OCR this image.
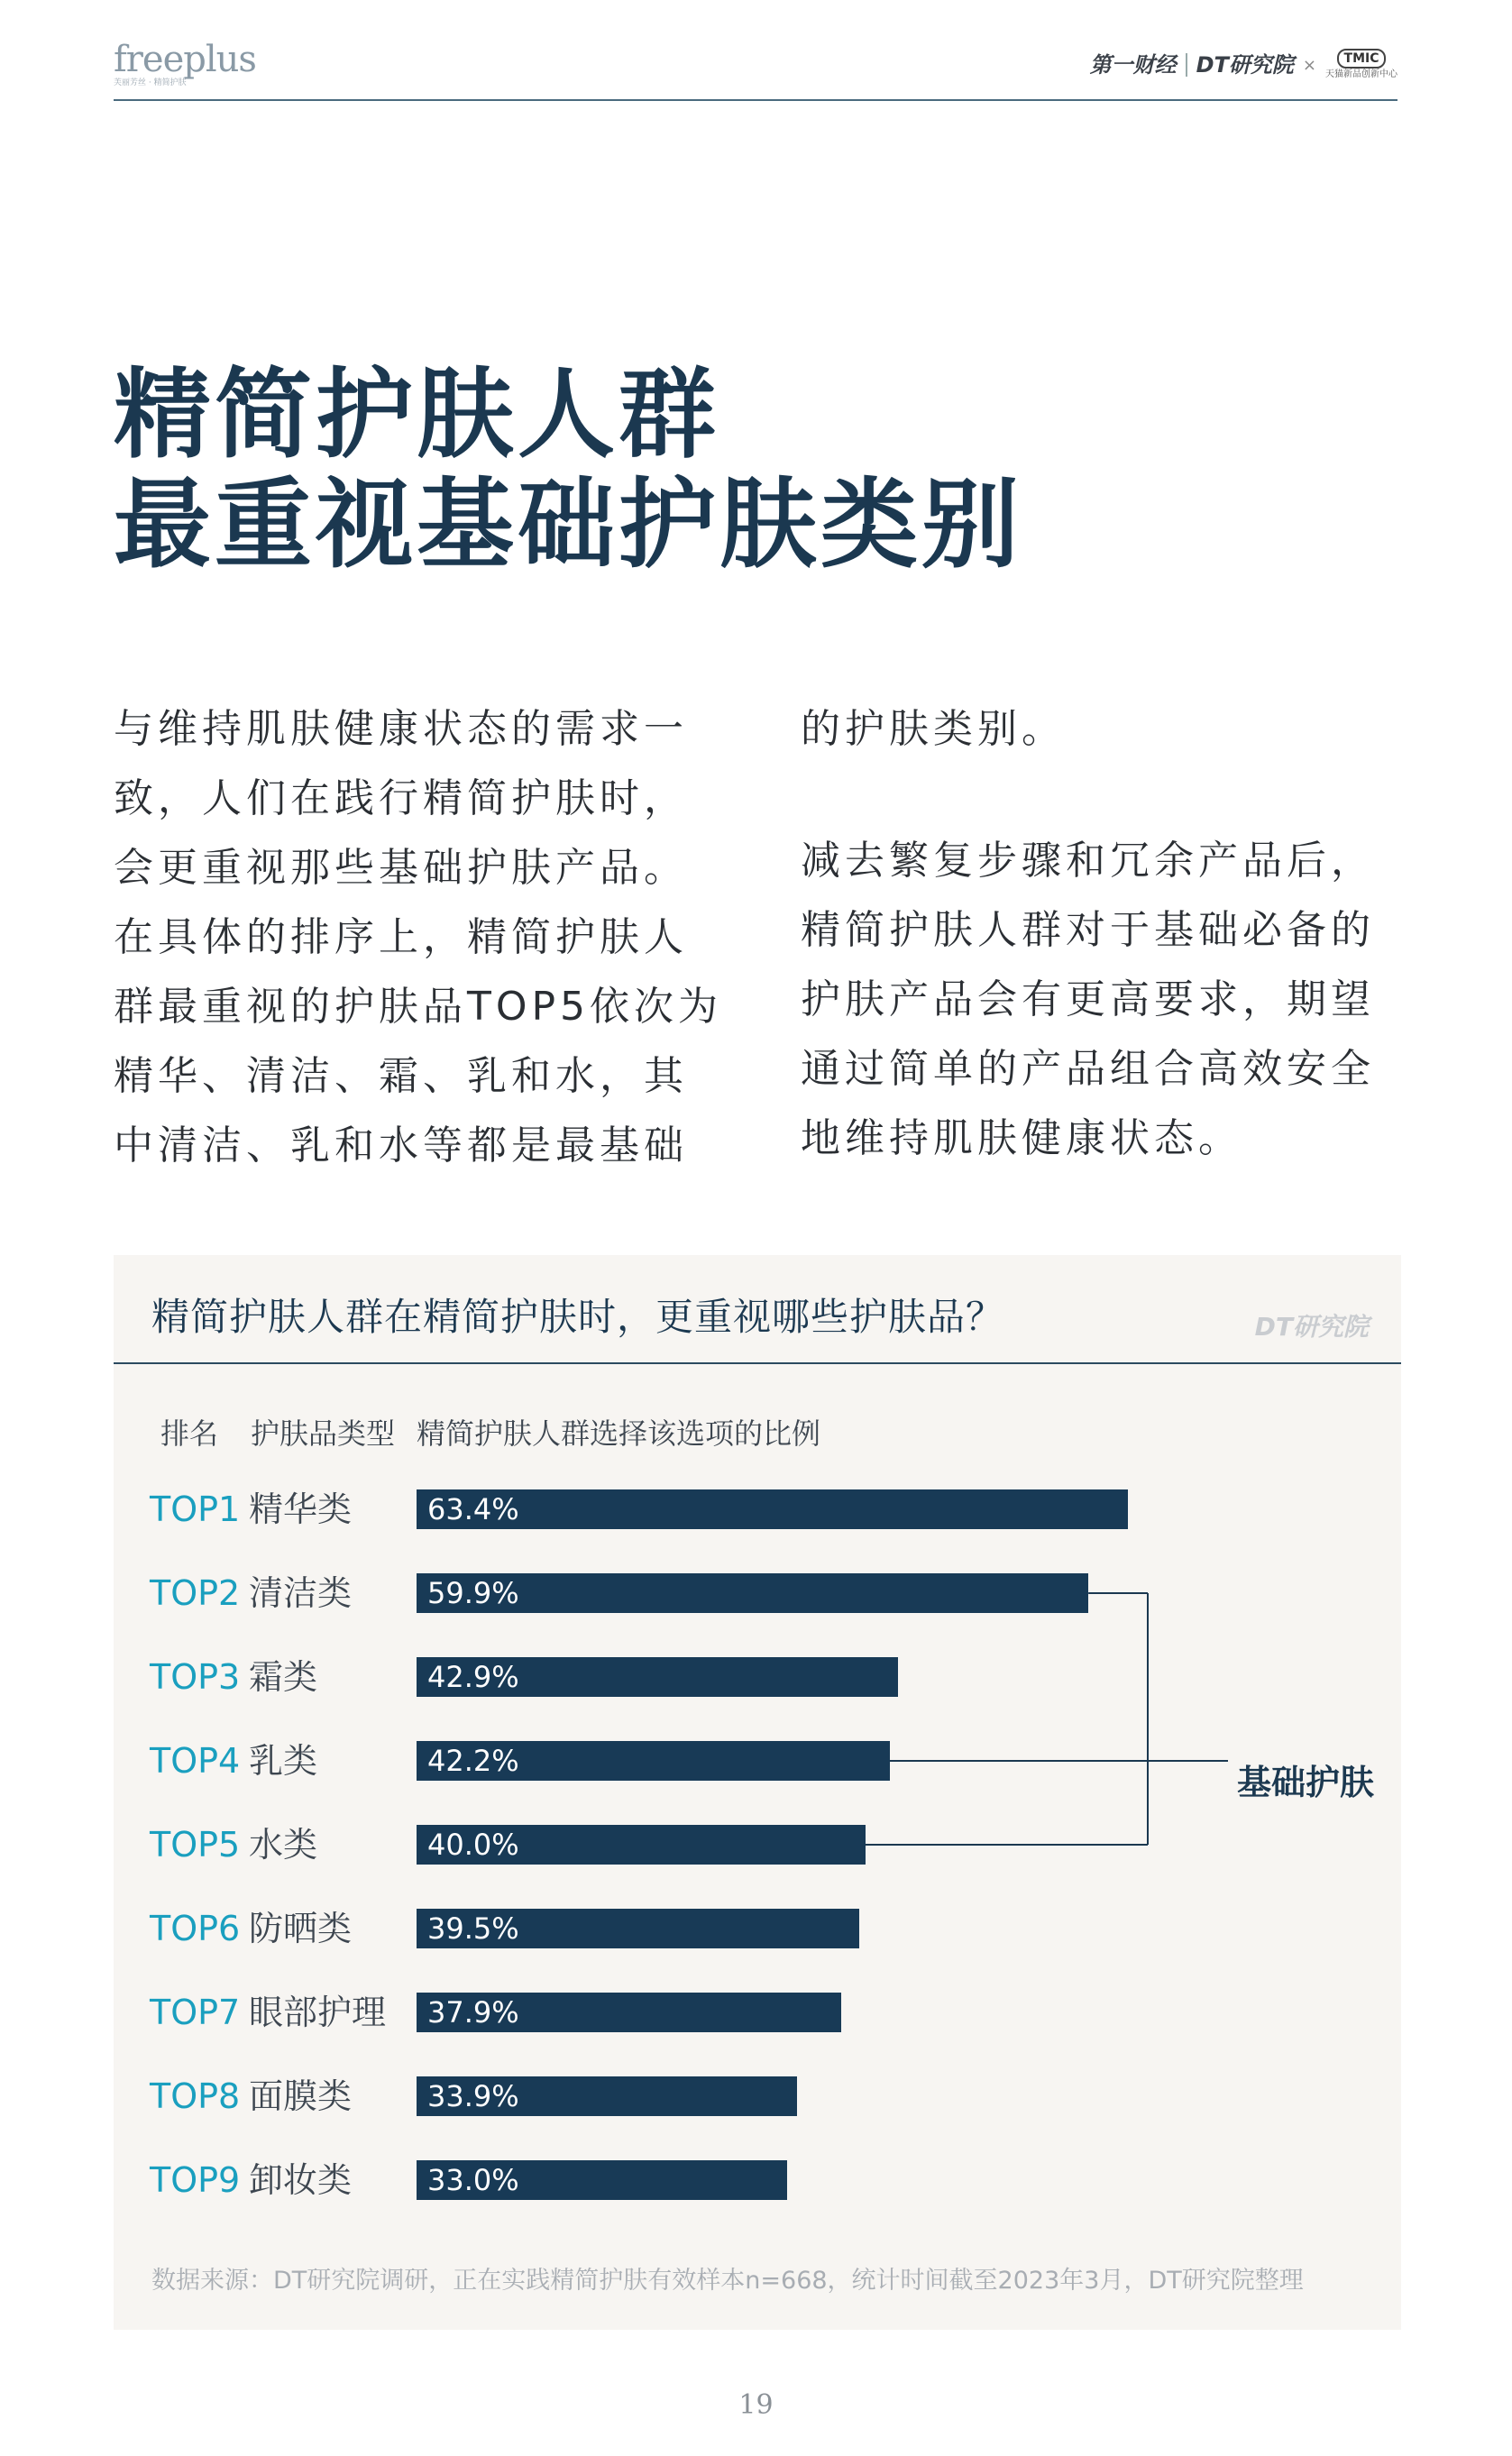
freeplus
芙丽芳丝 · 精简护肤
第一财经 DT研究院 ×	TMIC
天猫新品创新中心
精简护肤人群
最重视基础护肤类别

与维持肌肤健康状态的需求一致，人们在践行精简护肤时，会更重视那些基础护肤产品。在具体的排序上，精简护肤人群最重视的护肤品TOP5依次为精华、清洁、霜、乳和水，其中清洁、乳和水等都是最基础

的护肤类别。

减去繁复步骤和冗余产品后，精简护肤人群对于基础必备的护肤产品会有更高要求，期望通过简单的产品组合高效安全地维持肌肤健康状态。

精简护肤人群在精简护肤时，更重视哪些护肤品？	DT研究院
排名 护肤品类型 精简护肤人群选择该选项的比例
TOP1 精华类	63.4%
TOP2 清洁类	59.9%
TOP3 霜类	42.9%
TOP4 乳类	42.2%
TOP5 水类	40.0%
TOP6 防晒类	39.5%
TOP7 眼部护理 37.9%
TOP8 面膜类	33.9%
TOP9 卸妆类	33.0%
基础护肤
数据来源：DT研究院调研，正在实践精简护肤有效样本n=668，统计时间截至2023年3月，DT研究院整理
19
